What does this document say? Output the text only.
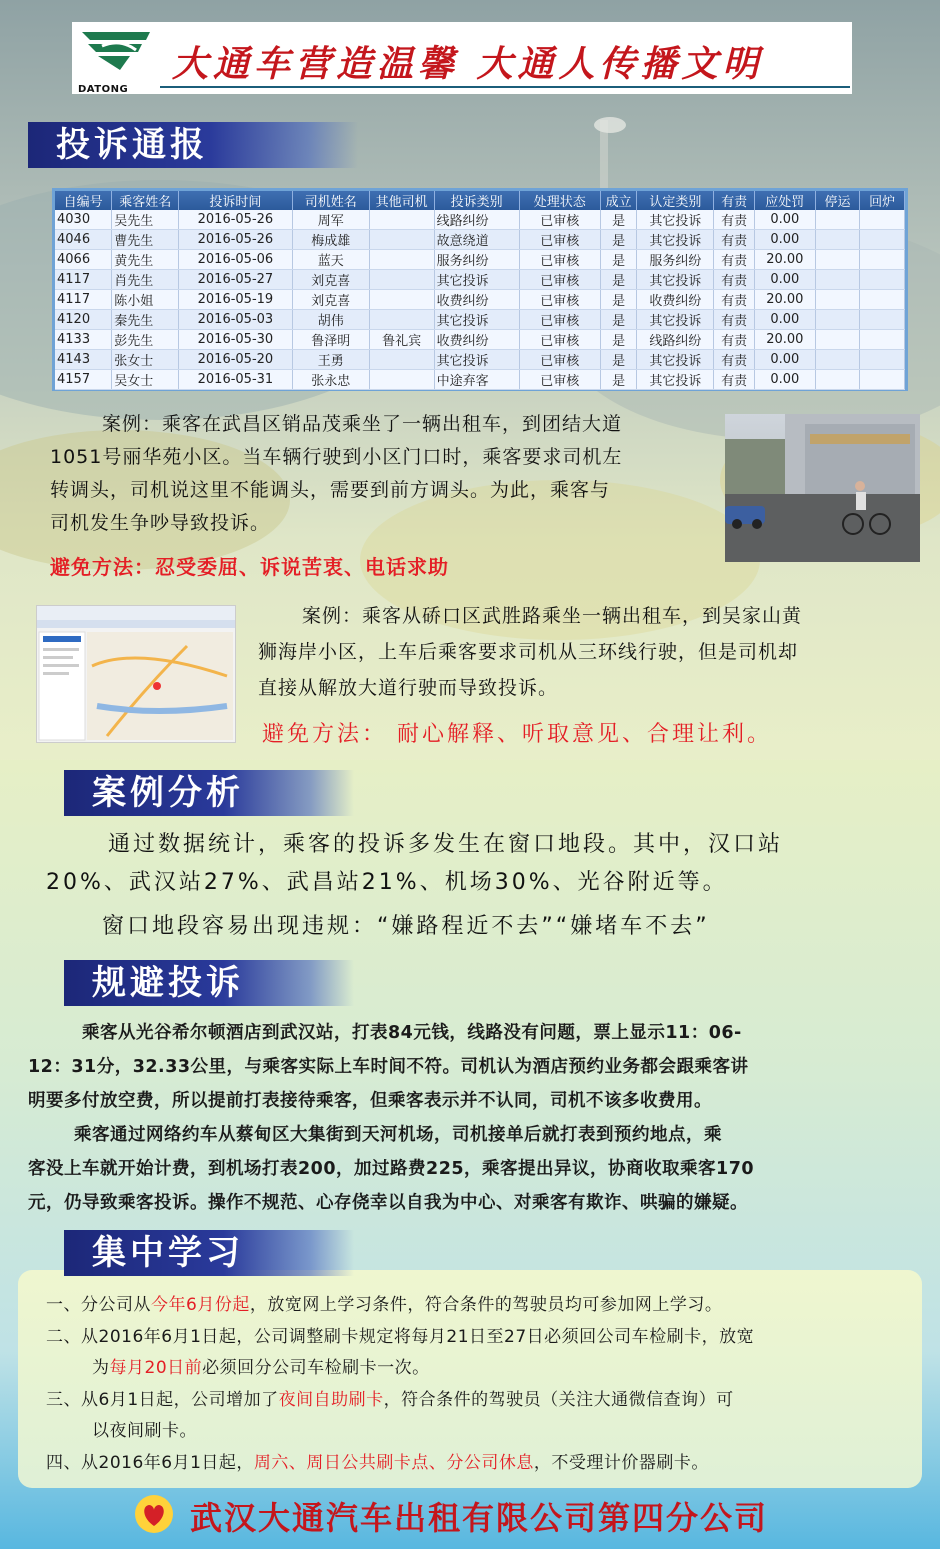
DATONG
大通车营造温馨 大通人传播文明
投诉通报
自编号	乘客姓名	投诉时间	司机姓名	其他司机	投诉类别	处理状态	成立	认定类别	有责	应处罚	停运	回炉
4030	吴先生	2016-05-26	周军		线路纠纷	已审核	是	其它投诉	有责	0.00		
4046	曹先生	2016-05-26	梅成雄		故意绕道	已审核	是	其它投诉	有责	0.00		
4066	黄先生	2016-05-06	蓝天		服务纠纷	已审核	是	服务纠纷	有责	20.00		
4117	肖先生	2016-05-27	刘克喜		其它投诉	已审核	是	其它投诉	有责	0.00		
4117	陈小姐	2016-05-19	刘克喜		收费纠纷	已审核	是	收费纠纷	有责	20.00		
4120	秦先生	2016-05-03	胡伟		其它投诉	已审核	是	其它投诉	有责	0.00		
4133	彭先生	2016-05-30	鲁泽明	鲁礼宾	收费纠纷	已审核	是	线路纠纷	有责	20.00		
4143	张女士	2016-05-20	王勇		其它投诉	已审核	是	其它投诉	有责	0.00		
4157	吴女士	2016-05-31	张永忠		中途弃客	已审核	是	其它投诉	有责	0.00		
案例：乘客在武昌区销品茂乘坐了一辆出租车，到团结大道
1051号丽华苑小区。当车辆行驶到小区门口时，乘客要求司机左
转调头，司机说这里不能调头，需要到前方调头。为此，乘客与
司机发生争吵导致投诉。
避免方法：忍受委屈、诉说苦衷、电话求助
案例：乘客从硚口区武胜路乘坐一辆出租车，到吴家山黄
狮海岸小区，上车后乘客要求司机从三环线行驶，但是司机却
直接从解放大道行驶而导致投诉。
避免方法： 耐心解释、听取意见、合理让利。
案例分析
通过数据统计，乘客的投诉多发生在窗口地段。其中，汉口站
20%、武汉站27%、武昌站21%、机场30%、光谷附近等。
窗口地段容易出现违规：“嫌路程近不去”“嫌堵车不去”
规避投诉
乘客从光谷希尔顿酒店到武汉站，打表84元钱，线路没有问题，票上显示11：06-
12：31分，32.33公里，与乘客实际上车时间不符。司机认为酒店预约业务都会跟乘客讲
明要多付放空费，所以提前打表接待乘客，但乘客表示并不认同，司机不该多收费用。
乘客通过网络约车从蔡甸区大集街到天河机场，司机接单后就打表到预约地点，乘
客没上车就开始计费，到机场打表200，加过路费225，乘客提出异议，协商收取乘客170
元，仍导致乘客投诉。操作不规范、心存侥幸以自我为中心、对乘客有欺诈、哄骗的嫌疑。
集中学习
一、分公司从今年6月份起，放宽网上学习条件，符合条件的驾驶员均可参加网上学习。
二、从2016年6月1日起，公司调整刷卡规定将每月21日至27日必须回公司车检刷卡，放宽
为每月20日前必须回分公司车检刷卡一次。
三、从6月1日起，公司增加了夜间自助刷卡，符合条件的驾驶员（关注大通微信查询）可
以夜间刷卡。
四、从2016年6月1日起，周六、周日公共刷卡点、分公司休息，不受理计价器刷卡。
武汉大通汽车出租有限公司第四分公司
